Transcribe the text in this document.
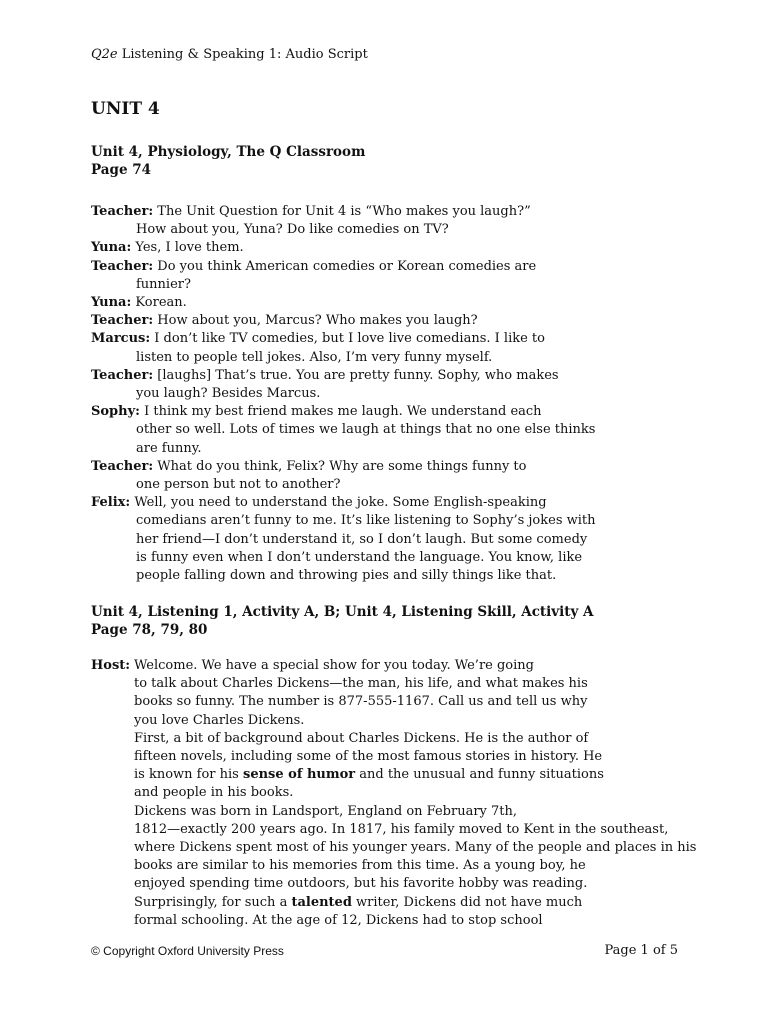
Q2e Listening & Speaking 1: Audio Script
UNIT 4
Unit 4, Physiology, The Q Classroom
Page 74
Teacher: The Unit Question for Unit 4 is “Who makes you laugh?”
How about you, Yuna? Do like comedies on TV?
Yuna: Yes, I love them.
Teacher: Do you think American comedies or Korean comedies are
funnier?
Yuna: Korean.
Teacher: How about you, Marcus? Who makes you laugh?
Marcus: I don’t like TV comedies, but I love live comedians. I like to
listen to people tell jokes. Also, I’m very funny myself.
Teacher: [laughs] That’s true. You are pretty funny. Sophy, who makes
you laugh? Besides Marcus.
Sophy: I think my best friend makes me laugh. We understand each
other so well. Lots of times we laugh at things that no one else thinks
are funny.
Teacher: What do you think, Felix? Why are some things funny to
one person but not to another?
Felix: Well, you need to understand the joke. Some English-speaking
comedians aren’t funny to me. It’s like listening to Sophy’s jokes with
her friend—I don’t understand it, so I don’t laugh. But some comedy
is funny even when I don’t understand the language. You know, like
people falling down and throwing pies and silly things like that.
Unit 4, Listening 1, Activity A, B; Unit 4, Listening Skill, Activity A
Page 78, 79, 80
Host: Welcome. We have a special show for you today. We’re going
to talk about Charles Dickens—the man, his life, and what makes his
books so funny. The number is 877-555-1167. Call us and tell us why
you love Charles Dickens.
First, a bit of background about Charles Dickens. He is the author of
fifteen novels, including some of the most famous stories in history. He
is known for his sense of humor and the unusual and funny situations
and people in his books.
Dickens was born in Landsport, England on February 7th,
1812—exactly 200 years ago. In 1817, his family moved to Kent in the southeast,
where Dickens spent most of his younger years. Many of the people and places in his
books are similar to his memories from this time. As a young boy, he
enjoyed spending time outdoors, but his favorite hobby was reading.
Surprisingly, for such a talented writer, Dickens did not have much
formal schooling. At the age of 12, Dickens had to stop school
© Copyright Oxford University Press	Page 1 of 5
